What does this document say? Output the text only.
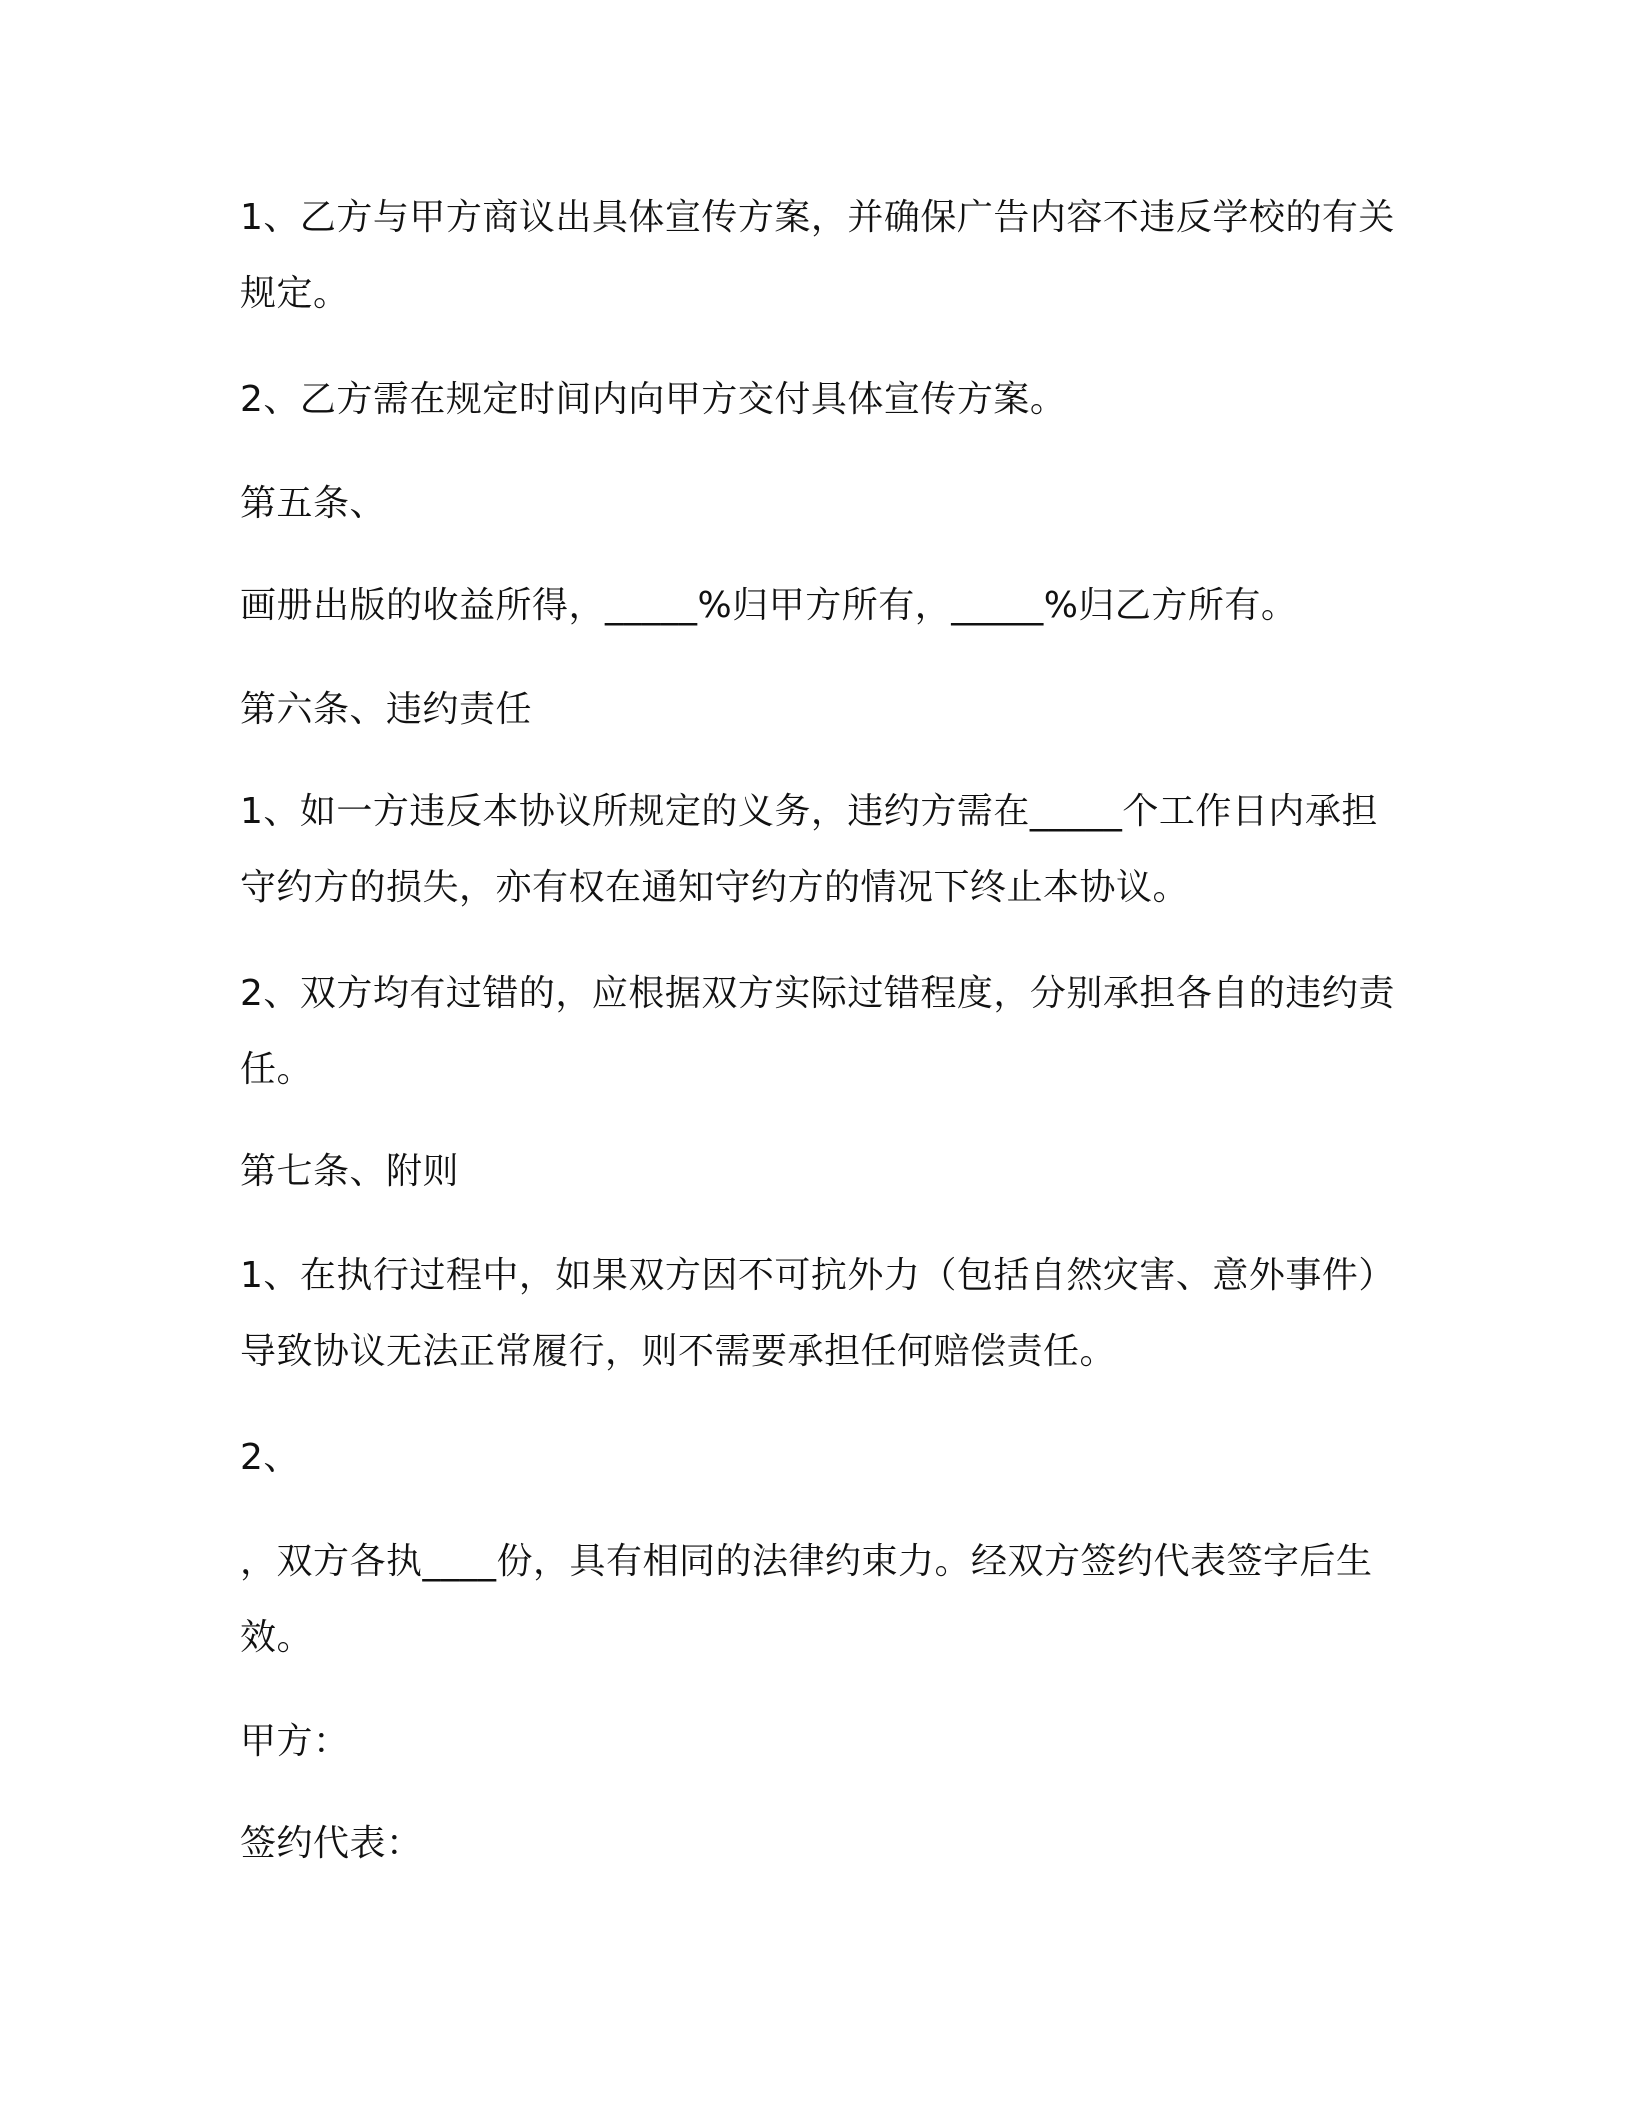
1、乙方与甲方商议出具体宣传方案，并确保广告内容不违反学校的有关规定。

2、乙方需在规定时间内向甲方交付具体宣传方案。

第五条、

画册出版的收益所得，_____%归甲方所有，_____%归乙方所有。

第六条、违约责任

1、如一方违反本协议所规定的义务，违约方需在_____个工作日内承担守约方的损失，亦有权在通知守约方的情况下终止本协议。

2、双方均有过错的，应根据双方实际过错程度，分别承担各自的违约责任。

第七条、附则

1、在执行过程中，如果双方因不可抗外力（包括自然灾害、意外事件）导致协议无法正常履行，则不需要承担任何赔偿责任。

2、

，双方各执____份，具有相同的法律约束力。经双方签约代表签字后生效。

甲方：

签约代表：
